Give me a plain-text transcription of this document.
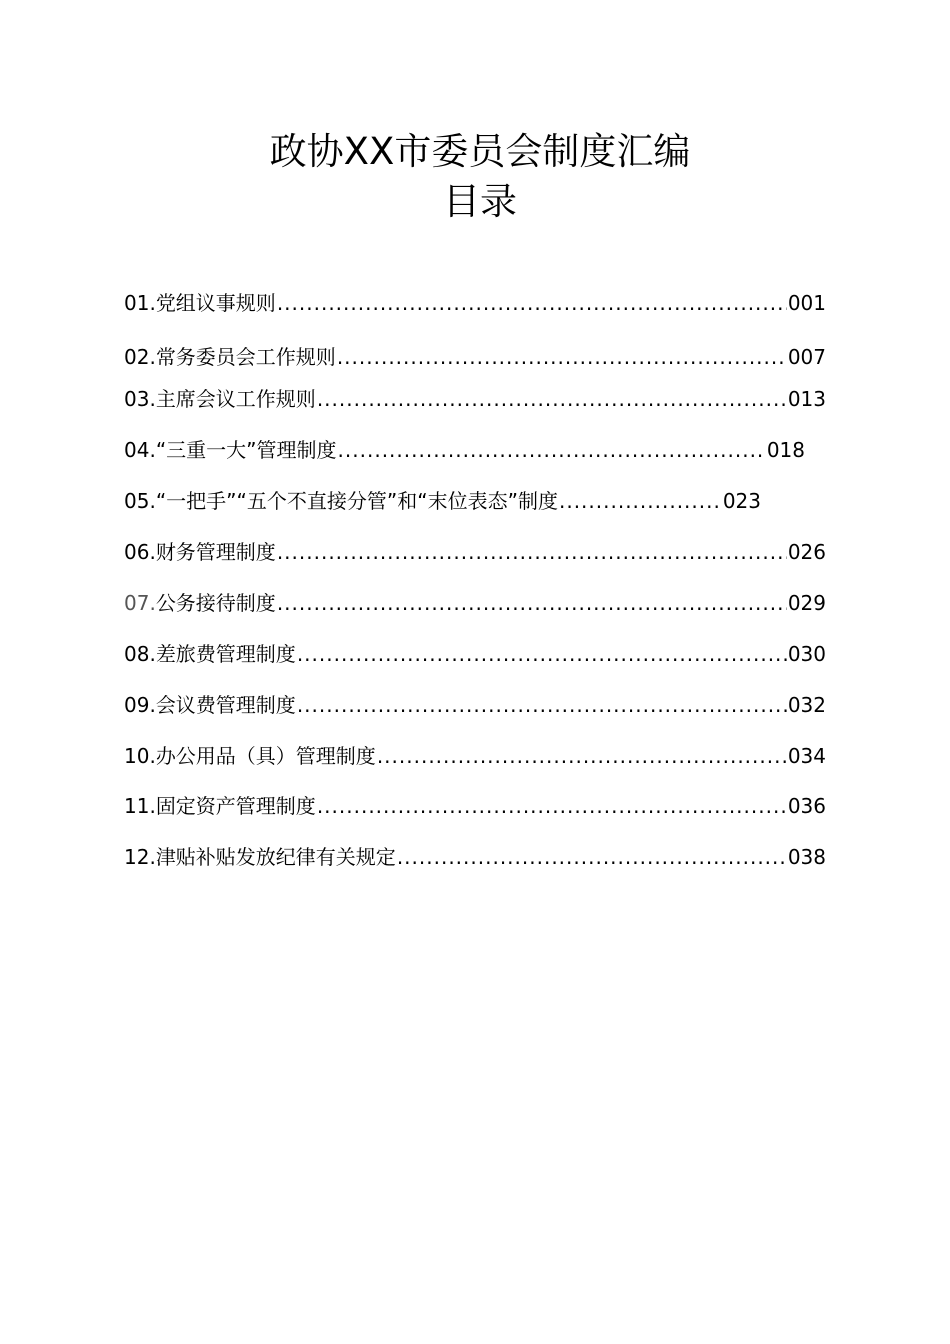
政协XX市委员会制度汇编
目录
01. 党组议事规则 .....	001
02. 常务委员会工作规则 .....	007
03. 主席会议工作规则 .....	013
04. “三重一大”管理制度 .....	018
05. “一把手”“五个不直接分管”和“末位表态”制度 .....	023
06. 财务管理制度 .....	026
07. 公务接待制度 .....	029
08. 差旅费管理制度 .....	030
09. 会议费管理制度 .....	032
10. 办公用品（具）管理制度 .....	034
11. 固定资产管理制度 .....	036
12. 津贴补贴发放纪律有关规定 .....	038
